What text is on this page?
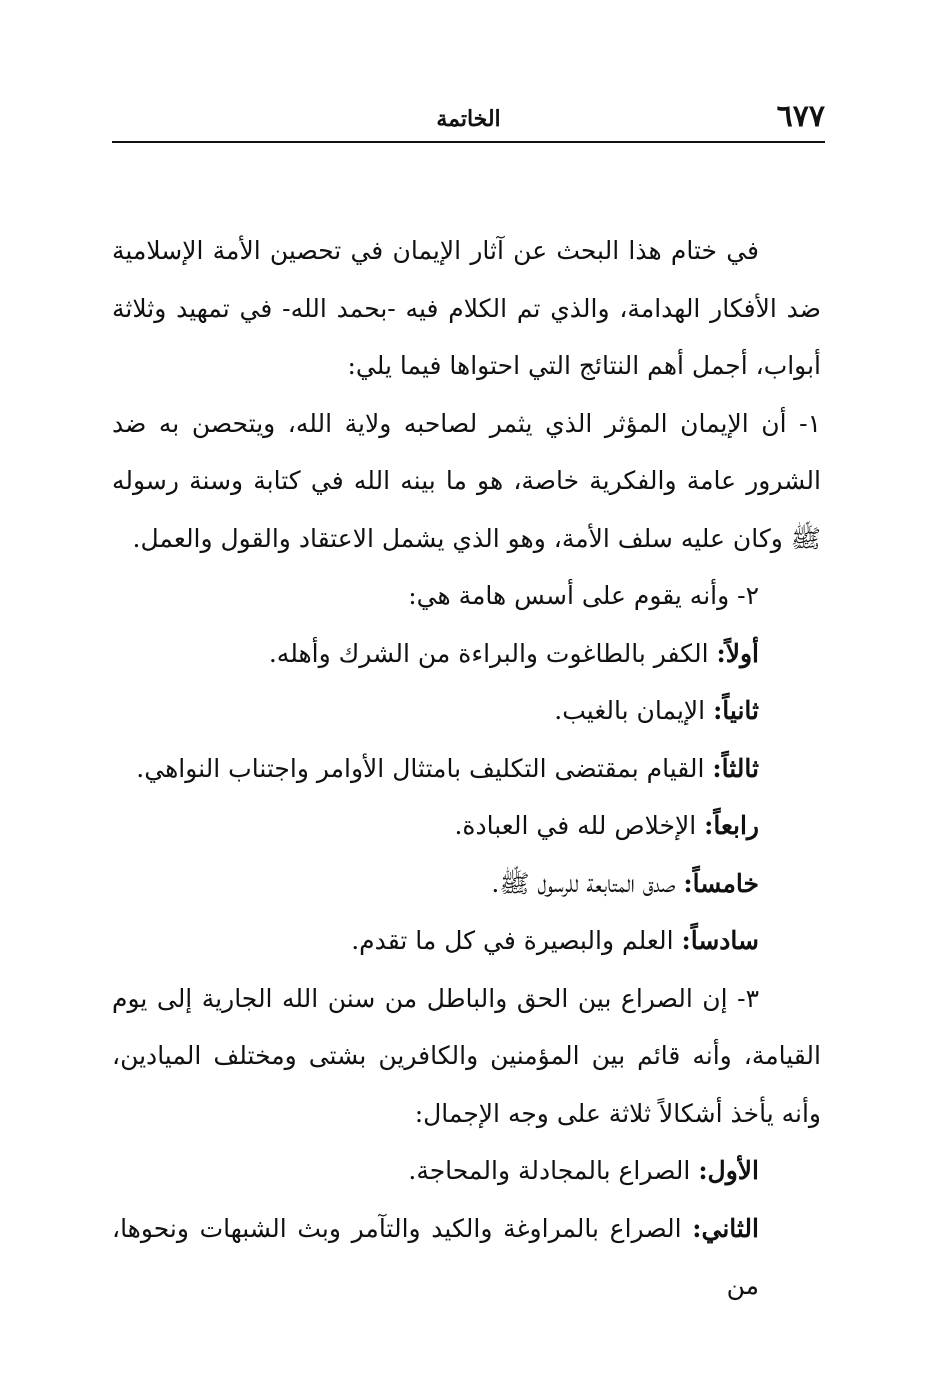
٦٧٧
الخاتمة

في ختام هذا البحث عن آثار الإيمان في تحصين الأمة الإسلامية ضد الأفكار الهدامة، والذي تم الكلام فيه -بحمد الله- في تمهيد وثلاثة أبواب، أجمل أهم النتائج التي احتواها فيما يلي:

١- أن الإيمان المؤثر الذي يثمر لصاحبه ولاية الله، ويتحصن به ضد الشرور عامة والفكرية خاصة، هو ما بينه الله في كتابة وسنة رسوله ﷺ وكان عليه سلف الأمة، وهو الذي يشمل الاعتقاد والقول والعمل.

٢- وأنه يقوم على أسس هامة هي:

أولاً: الكفر بالطاغوت والبراءة من الشرك وأهله.

ثانياً: الإيمان بالغيب.

ثالثاً: القيام بمقتضى التكليف بامتثال الأوامر واجتناب النواهي.

رابعاً: الإخلاص لله في العبادة.

خامساً: صدق المتابعة للرسول ﷺ.

سادساً: العلم والبصيرة في كل ما تقدم.

٣- إن الصراع بين الحق والباطل من سنن الله الجارية إلى يوم القيامة، وأنه قائم بين المؤمنين والكافرين بشتى ومختلف الميادين، وأنه يأخذ أشكالاً ثلاثة على وجه الإجمال:

الأول: الصراع بالمجادلة والمحاجة.

الثاني: الصراع بالمراوغة والكيد والتآمر وبث الشبهات ونحوها، من
